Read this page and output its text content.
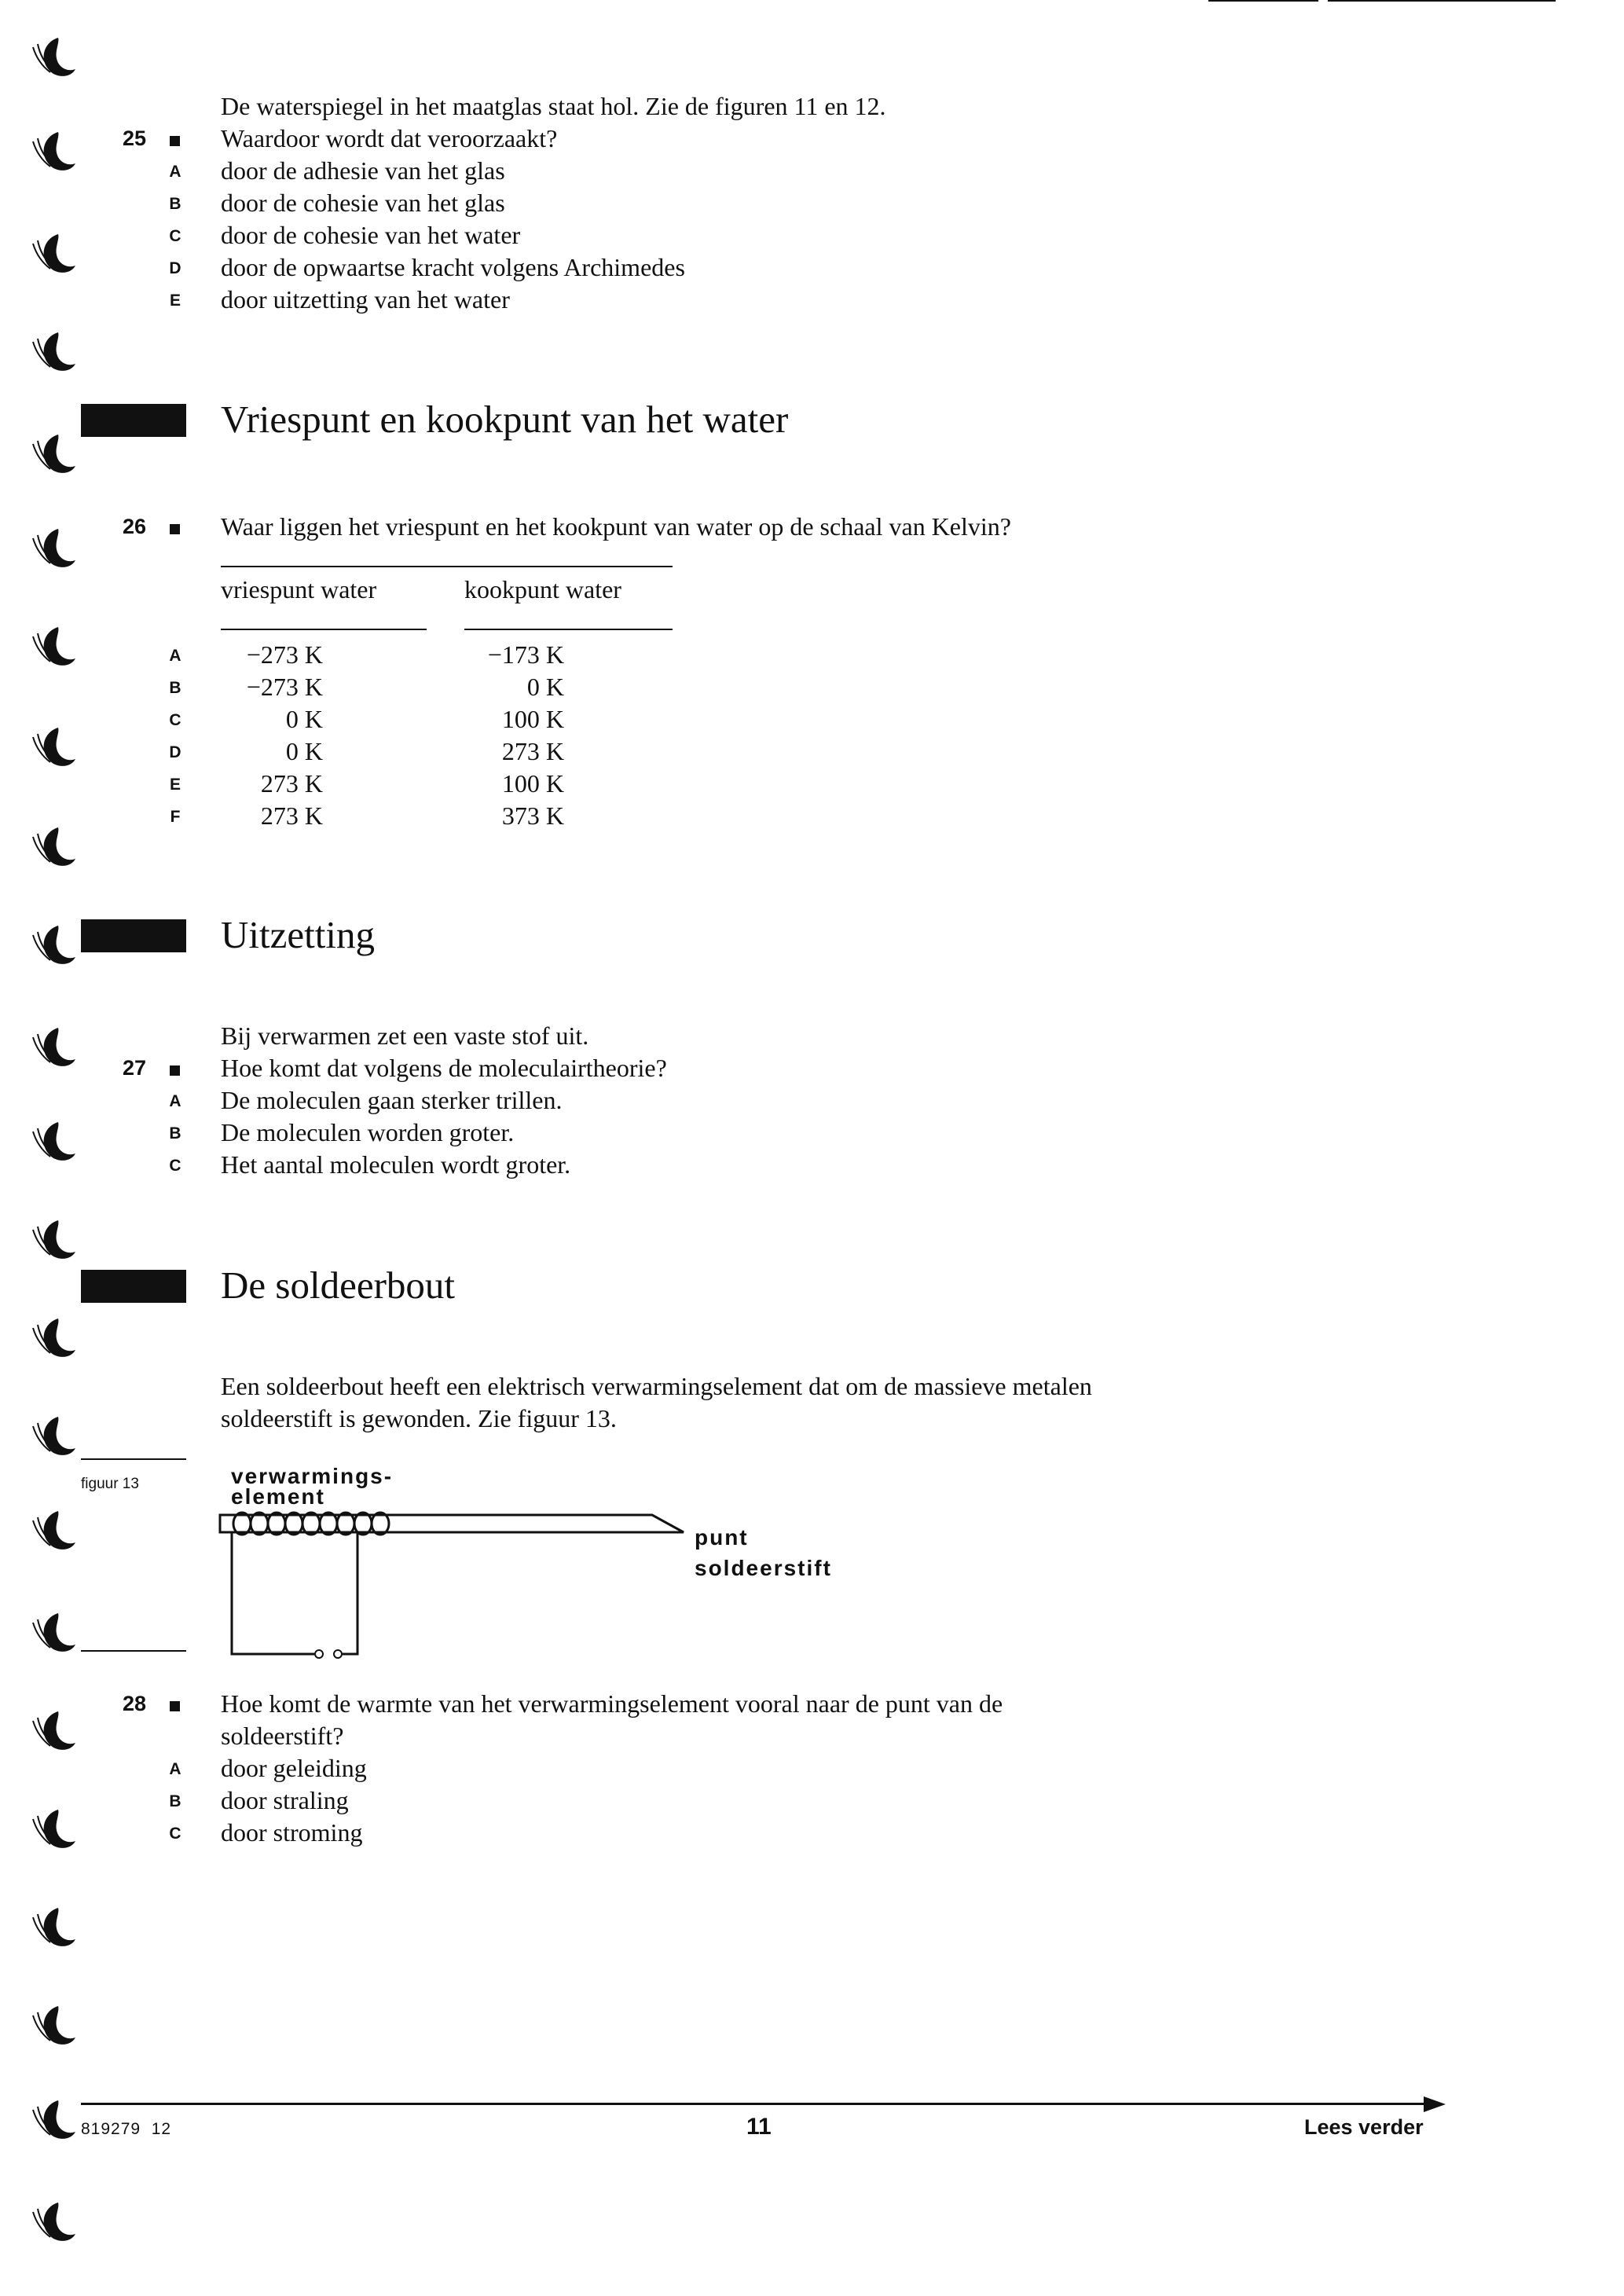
De waterspiegel in het maatglas staat hol. Zie de figuren 11 en 12.
25	Waardoor wordt dat veroorzaakt?
A	door de adhesie van het glas
B	door de cohesie van het glas
C	door de cohesie van het water
D	door de opwaartse kracht volgens Archimedes
E	door uitzetting van het water
Vriespunt en kookpunt van het water
26	Waar liggen het vriespunt en het kookpunt van water op de schaal van Kelvin?
vriespunt water	kookpunt water
A	−273 K	−173 K
B	−273 K	0 K
C	0 K	100 K
D	0 K	273 K
E	273 K	100 K
F	273 K	373 K
Uitzetting
Bij verwarmen zet een vaste stof uit.
27	Hoe komt dat volgens de moleculairtheorie?
A	De moleculen gaan sterker trillen.
B	De moleculen worden groter.
C	Het aantal moleculen wordt groter.
De soldeerbout
Een soldeerbout heeft een elektrisch verwarmingselement dat om de massieve metalen
soldeerstift is gewonden. Zie figuur 13.
figuur 13	verwarmings-
element
punt
soldeerstift
28	Hoe komt de warmte van het verwarmingselement vooral naar de punt van de
soldeerstift?
A	door geleiding
B	door straling
C	door stroming
819279  12	11	Lees verder
